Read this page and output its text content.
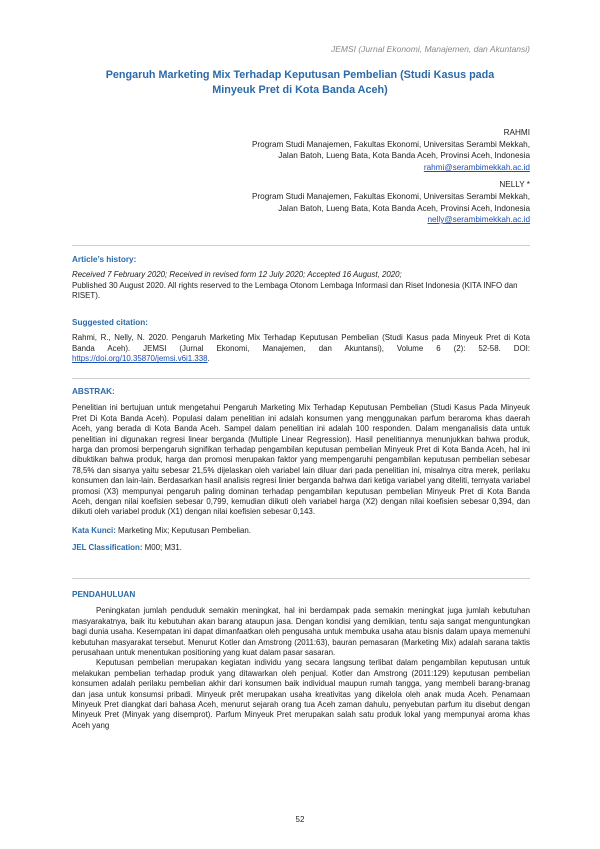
JEMSI (Jurnal Ekonomi, Manajemen, dan Akuntansi)
Pengaruh Marketing Mix Terhadap Keputusan Pembelian (Studi Kasus pada Minyeuk Pret di Kota Banda Aceh)
RAHMI
Program Studi Manajemen, Fakultas Ekonomi, Universitas Serambi Mekkah,
Jalan Batoh, Lueng Bata, Kota Banda Aceh, Provinsi Aceh, Indonesia
rahmi@serambimekkah.ac.id
NELLY *
Program Studi Manajemen, Fakultas Ekonomi, Universitas Serambi Mekkah,
Jalan Batoh, Lueng Bata, Kota Banda Aceh, Provinsi Aceh, Indonesia
nelly@serambimekkah.ac.id
Article’s history:
Received 7 February 2020; Received in revised form 12 July 2020; Accepted 16 August, 2020;
Published 30 August 2020. All rights reserved to the Lembaga Otonom Lembaga Informasi dan Riset Indonesia (KITA INFO dan RISET).
Suggested citation:
Rahmi, R., Nelly, N. 2020. Pengaruh Marketing Mix Terhadap Keputusan Pembelian (Studi Kasus pada Minyeuk Pret di Kota Banda Aceh). JEMSI (Jurnal Ekonomi, Manajemen, dan Akuntansi), Volume 6 (2): 52-58. DOI: https://doi.org/10.35870/jemsi.v6i1.338.
ABSTRAK:
Penelitian ini bertujuan untuk mengetahui Pengaruh Marketing Mix Terhadap Keputusan Pembelian (Studi Kasus Pada Minyeuk Pret Di Kota Banda Aceh). Populasi dalam penelitian ini adalah konsumen yang menggunakan parfum beraroma khas daerah Aceh, yang berada di Kota Banda Aceh. Sampel dalam penelitian ini adalah 100 responden. Dalam menganalisis data untuk penelitian ini digunakan regresi linear berganda (Multiple Linear Regression). Hasil penelitiannya menunjukkan bahwa produk, harga dan promosi berpengaruh signifikan terhadap pengambilan keputusan pembelian Minyeuk Pret di Kota Banda Aceh, hal ini dibuktikan bahwa produk, harga dan promosi merupakan faktor yang mempengaruhi pengambilan keputusan pembelian sebesar 78,5% dan sisanya yaitu sebesar 21,5% dijelaskan oleh variabel lain diluar dari pada penelitian ini, misalnya citra merek, perilaku konsumen dan lain-lain. Berdasarkan hasil analisis regresi linier berganda bahwa dari ketiga variabel yang diteliti, ternyata variabel promosi (X3) mempunyai pengaruh paling dominan terhadap pengambilan keputusan pembelian Minyeuk Pret di Kota Banda Aceh, dengan nilai koefisien sebesar 0,799, kemudian diikuti oleh variabel harga (X2) dengan nilai koefisien sebesar 0,394, dan diikuti oleh variabel produk (X1) dengan nilai koefisien sebesar 0,143.
Kata Kunci: Marketing Mix; Keputusan Pembelian.
JEL Classification: M00; M31.
PENDAHULUAN

Peningkatan jumlah penduduk semakin meningkat, hal ini berdampak pada semakin meningkat juga jumlah kebutuhan masyarakatnya, baik itu kebutuhan akan barang ataupun jasa. Dengan kondisi yang demikian, tentu saja sangat menguntungkan bagi dunia usaha. Kesempatan ini dapat dimanfaatkan oleh pengusaha untuk membuka usaha atau bisnis dalam upaya memenuhi kebutuhan masyarakat tersebut. Menurut Kotler dan Amstrong (2011:63), bauran pemasaran (Marketing Mix) adalah sarana taktis perusahaan untuk menentukan positioning yang kuat dalam pasar sasaran.

Keputusan pembelian merupakan kegiatan individu yang secara langsung terlibat dalam pengambilan keputusan untuk melakukan pembelian terhadap produk yang ditawarkan oleh penjual. Kotler dan Amstrong (2011:129) keputusan pembelian konsumen adalah perilaku pembelian akhir dari konsumen baik individual maupun rumah tangga, yang membeli barang-branag dan jasa untuk konsumsi pribadi. Minyeuk prêt merupakan usaha kreativitas yang dikelola oleh anak muda Aceh. Penamaan Minyeuk Pret diangkat dari bahasa Aceh, menurut sejarah orang tua Aceh zaman dahulu, penyebutan parfum itu disebut dengan Minyeuk Pret (Minyak yang disemprot). Parfum Minyeuk Pret merupakan salah satu produk lokal yang mempunyai aroma khas Aceh yang

52
